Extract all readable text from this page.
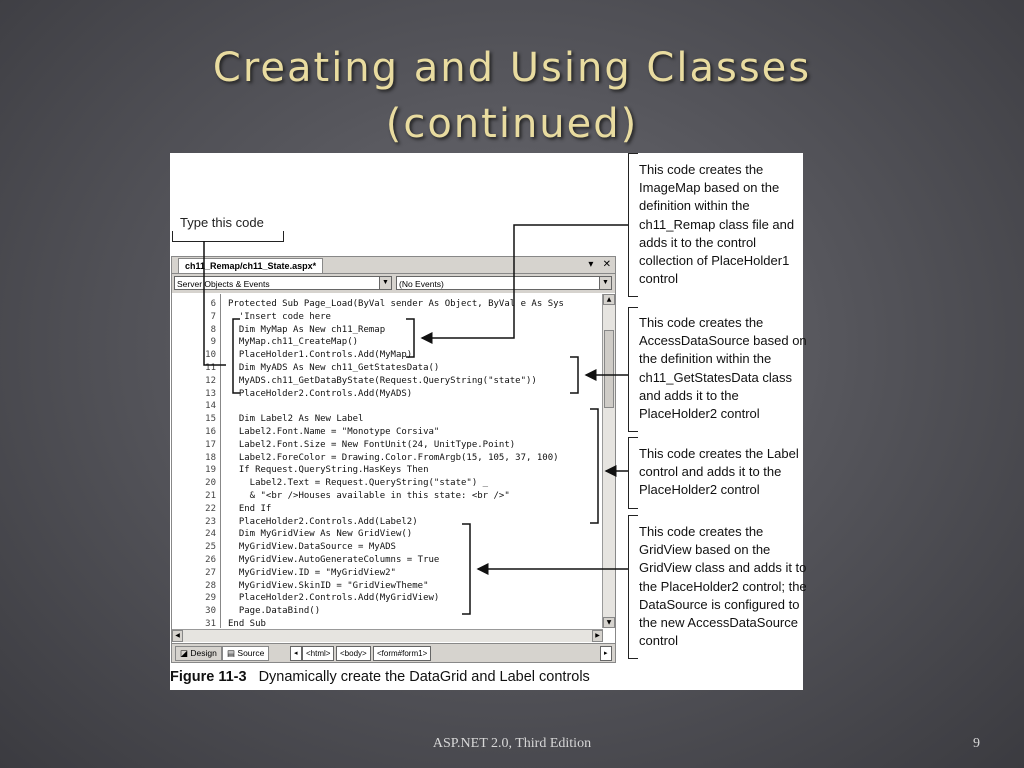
Creating and Using Classes
(continued)
Type this code
ch11_Remap/ch11_State.aspx*	▾ ✕
Server Objects & Events	▼	(No Events)	▼
6 Protected Sub Page_Load(ByVal sender As Object, ByVal e As Sys
7 'Insert code here
8 Dim MyMap As New ch11_Remap
9 MyMap.ch11_CreateMap()
10 PlaceHolder1.Controls.Add(MyMap)
11 Dim MyADS As New ch11_GetStatesData()
12 MyADS.ch11_GetDataByState(Request.QueryString("state"))
13 PlaceHolder2.Controls.Add(MyADS)
14
15 Dim Label2 As New Label
16 Label2.Font.Name = "Monotype Corsiva"
17 Label2.Font.Size = New FontUnit(24, UnitType.Point)
18 Label2.ForeColor = Drawing.Color.FromArgb(15, 105, 37, 100)
19 If Request.QueryString.HasKeys Then
20 Label2.Text = Request.QueryString("state") _
21 & "<br />Houses available in this state: <br />"
22 End If
23 PlaceHolder2.Controls.Add(Label2)
24 Dim MyGridView As New GridView()
25 MyGridView.DataSource = MyADS
26 MyGridView.AutoGenerateColumns = True
27 MyGridView.ID = "MyGridView2"
28 MyGridView.SkinID = "GridViewTheme"
29 PlaceHolder2.Controls.Add(MyGridView)
30 Page.DataBind()
31 End Sub
▲
▼
◀	▶
◪ Design	▤ Source	◂	<html>	<body>	<form#form1>	▸
This code creates the ImageMap based on the definition within the ch11_Remap class file and adds it to the control collection of PlaceHolder1 control
This code creates the AccessDataSource based on the definition within the ch11_GetStatesData class and adds it to the PlaceHolder2 control
This code creates the Label control and adds it to the PlaceHolder2 control
This code creates the GridView based on the GridView class and adds it to the PlaceHolder2 control; the DataSource is configured to the new AccessDataSource control
Figure 11-3 Dynamically create the DataGrid and Label controls
ASP.NET 2.0, Third Edition	9
